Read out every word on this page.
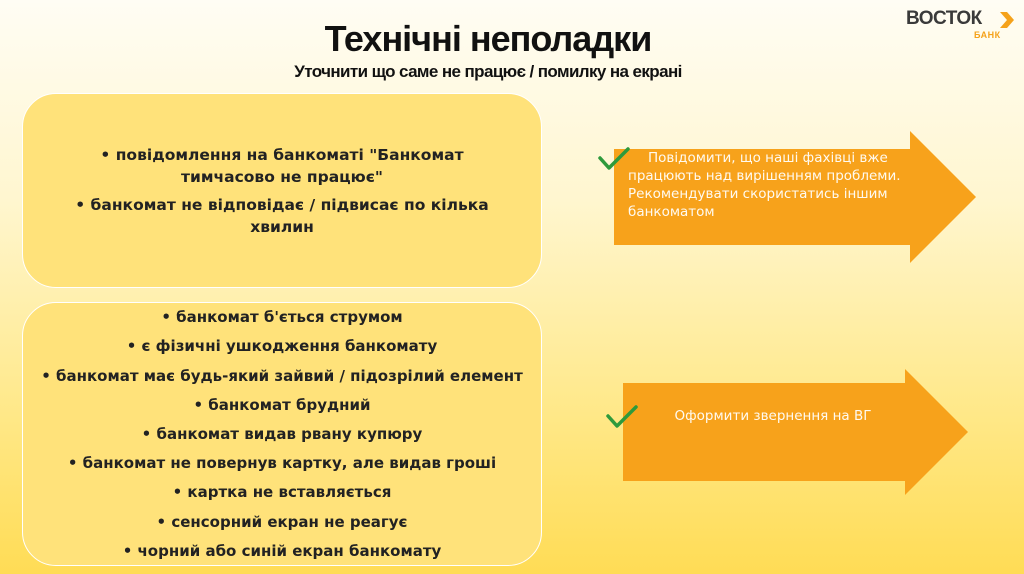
Технічні неполадки
Уточнити що саме не працює / помилку на екрані
ВОСТОК
БАНК
• повідомлення на банкоматі "Банкомат тимчасово не працює"
• банкомат не відповідає / підвисає по кілька хвилин
• банкомат б'ється струмом
• є фізичні ушкодження банкомату
• банкомат має будь-який зайвий / підозрілий елемент
• банкомат брудний
• банкомат видав рвану купюру
• банкомат не повернув картку, але видав гроші
• картка не вставляється
• сенсорний екран не реагує
• чорний або синій екран банкомату
Повідомити, що наші фахівці вже працюють над вирішенням проблеми. Рекомендувати скористатись іншим банкоматом
Оформити звернення на ВГ
